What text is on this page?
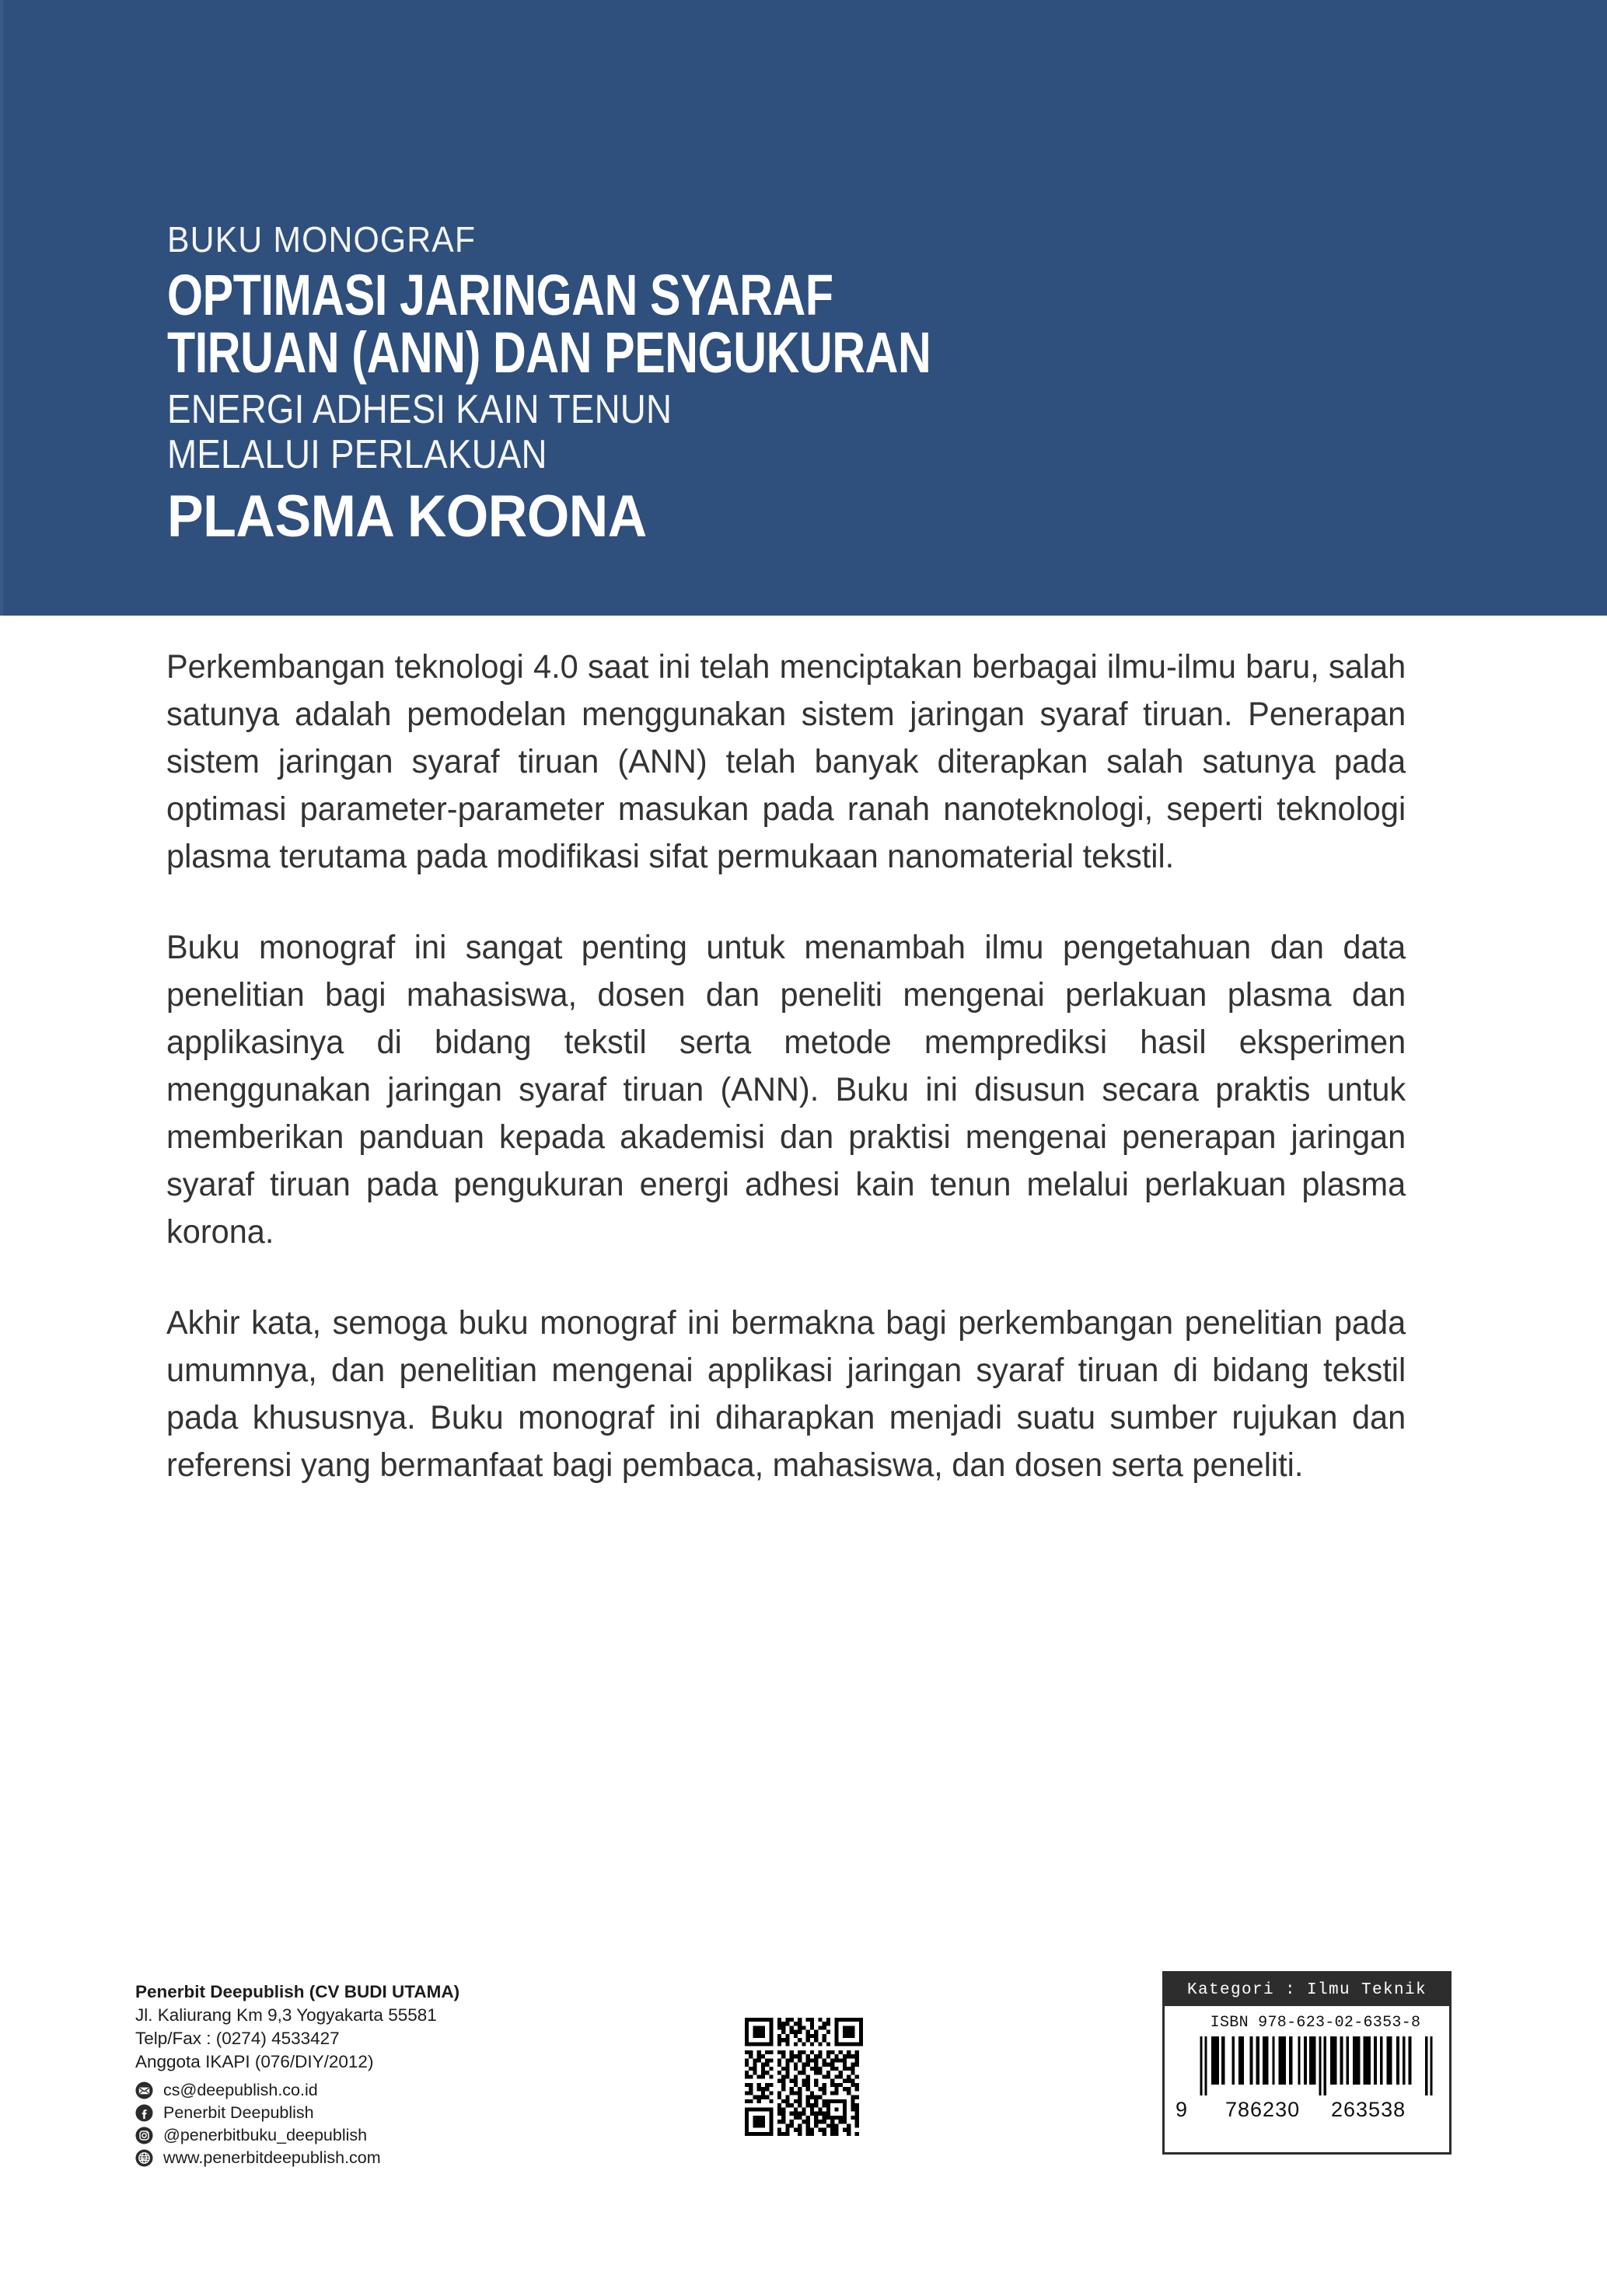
BUKU MONOGRAF
OPTIMASI JARINGAN SYARAF
TIRUAN (ANN) DAN PENGUKURAN
ENERGI ADHESI KAIN TENUN
MELALUI PERLAKUAN
PLASMA KORONA

Perkembangan teknologi 4.0 saat ini telah menciptakan berbagai ilmu-ilmu baru, salah satunya adalah pemodelan menggunakan sistem jaringan syaraf tiruan. Penerapan sistem jaringan syaraf tiruan (ANN) telah banyak diterapkan salah satunya pada optimasi parameter-parameter masukan pada ranah nanoteknologi, seperti teknologi plasma terutama pada modifikasi sifat permukaan nanomaterial tekstil.

Buku monograf ini sangat penting untuk menambah ilmu pengetahuan dan data penelitian bagi mahasiswa, dosen dan peneliti mengenai perlakuan plasma dan applikasinya di bidang tekstil serta metode memprediksi hasil eksperimen menggunakan jaringan syaraf tiruan (ANN). Buku ini disusun secara praktis untuk memberikan panduan kepada akademisi dan praktisi mengenai penerapan jaringan syaraf tiruan pada pengukuran energi adhesi kain tenun melalui perlakuan plasma korona.

Akhir kata, semoga buku monograf ini bermakna bagi perkembangan penelitian pada umumnya, dan penelitian mengenai applikasi jaringan syaraf tiruan di bidang tekstil pada khususnya. Buku monograf ini diharapkan menjadi suatu sumber rujukan dan referensi yang bermanfaat bagi pembaca, mahasiswa, dan dosen serta peneliti.

Penerbit Deepublish (CV BUDI UTAMA)
Jl. Kaliurang Km 9,3 Yogyakarta 55581
Telp/Fax : (0274) 4533427
Anggota IKAPI (076/DIY/2012)
cs@deepublish.co.id
Penerbit Deepublish
@penerbitbuku_deepublish
www.penerbitdeepublish.com
Kategori : Ilmu Teknik
ISBN 978-623-02-6353-8
9 786230 263538
